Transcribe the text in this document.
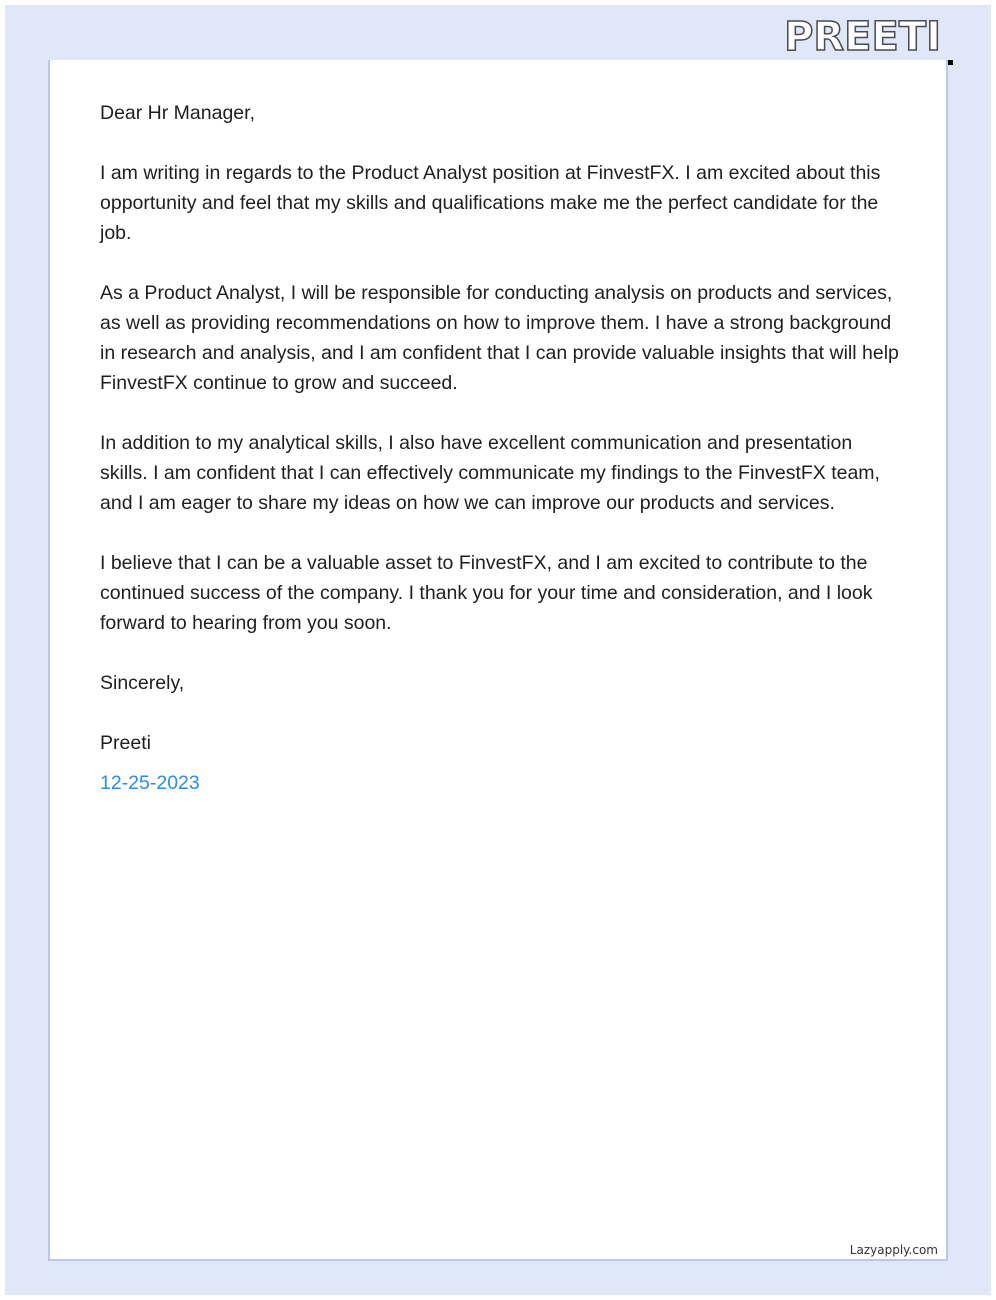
PREETI

Dear Hr Manager,

I am writing in regards to the Product Analyst position at FinvestFX. I am excited about this opportunity and feel that my skills and qualifications make me the perfect candidate for the job.

As a Product Analyst, I will be responsible for conducting analysis on products and services, as well as providing recommendations on how to improve them. I have a strong background in research and analysis, and I am confident that I can provide valuable insights that will help FinvestFX continue to grow and succeed.

In addition to my analytical skills, I also have excellent communication and presentation skills. I am confident that I can effectively communicate my findings to the FinvestFX team, and I am eager to share my ideas on how we can improve our products and services.

I believe that I can be a valuable asset to FinvestFX, and I am excited to contribute to the continued success of the company. I thank you for your time and consideration, and I look forward to hearing from you soon.

Sincerely,

Preeti

12-25-2023

Lazyapply.com
